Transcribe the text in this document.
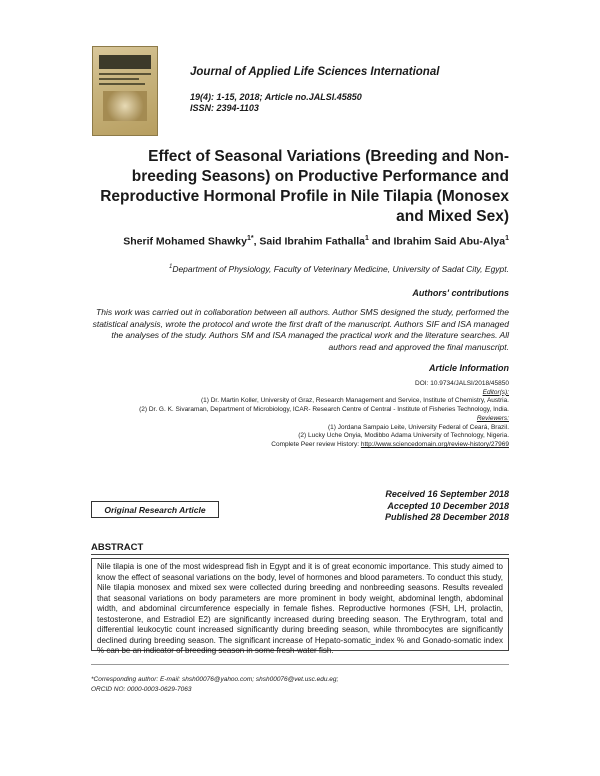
Journal of Applied Life Sciences International
19(4): 1-15, 2018; Article no.JALSI.45850
ISSN: 2394-1103
Effect of Seasonal Variations (Breeding and Non-breeding Seasons) on Productive Performance and Reproductive Hormonal Profile in Nile Tilapia (Monosex and Mixed Sex)
Sherif Mohamed Shawky$^{1*}$, Said Ibrahim Fathalla$^1$ and Ibrahim Said Abu-Alya$^1$
$^1$Department of Physiology, Faculty of Veterinary Medicine, University of Sadat City, Egypt.
Authors' contributions
This work was carried out in collaboration between all authors. Author SMS designed the study, performed the statistical analysis, wrote the protocol and wrote the first draft of the manuscript. Authors SIF and ISA managed the analyses of the study. Authors SM and ISA managed the practical work and the literature searches. All authors read and approved the final manuscript.
Article Information
DOI: 10.9734/JALSI/2018/45850
Editor(s):
(1) Dr. Martin Koller, University of Graz, Research Management and Service, Institute of Chemistry, Austria.
(2) Dr. G. K. Sivaraman, Department of Microbiology, ICAR- Research Centre of Central - Institute of Fisheries Technology, India.
Reviewers:
(1) Jordana Sampaio Leite, University Federal of Ceará, Brazil.
(2) Lucky Uche Onyia, Modibbo Adama University of Technology, Nigeria.
Complete Peer review History: http://www.sciencedomain.org/review-history/27969
Received 16 September 2018
Accepted 10 December 2018
Published 28 December 2018
Original Research Article
ABSTRACT
Nile tilapia is one of the most widespread fish in Egypt and it is of great economic importance. This study aimed to know the effect of seasonal variations on the body, level of hormones and blood parameters. To conduct this study, Nile tilapia monosex and mixed sex were collected during breeding and nonbreeding seasons. Results revealed that seasonal variations on body parameters are more prominent in body weight, abdominal length, abdominal width, and abdominal circumference especially in female fishes. Reproductive hormones (FSH, LH, prolactin, testosterone, and Estradiol E2) are significantly increased during breeding season. The Erythrogram, total and differential leukocytic count increased significantly during breeding season, while thrombocytes are significantly declined during breeding season. The significant increase of Hepato-somatic_index % and Gonado-somatic index % can be an indicator of breeding season in some fresh-water fish.
*Corresponding author: E-mail: shsh00076@yahoo.com; shsh00076@vet.usc.edu.eg;
ORCID NO: 0000-0003-0629-7063
